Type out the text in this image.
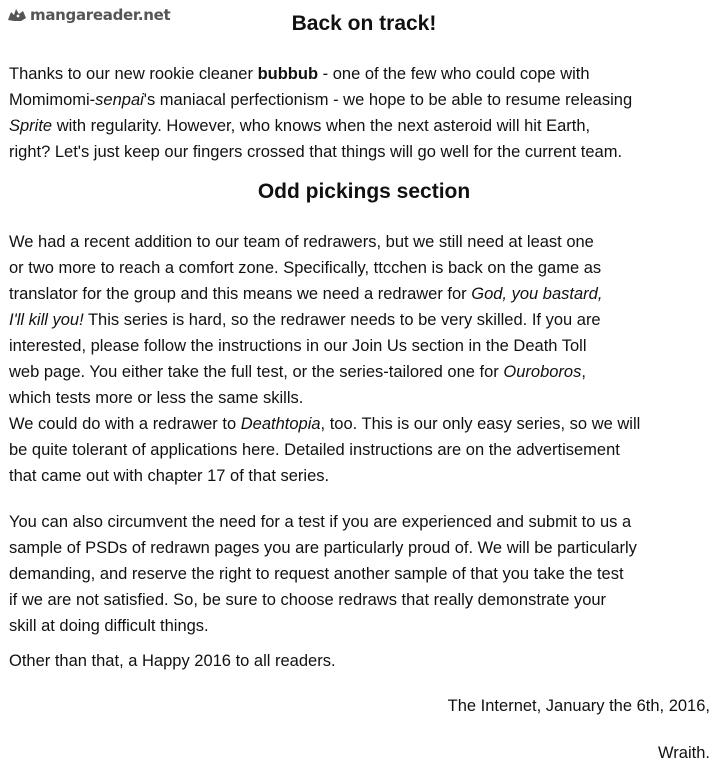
mangareader.net	Back on track!
Thanks to our new rookie cleaner bubbub - one of the few who could cope with
Momimomi-senpai's maniacal perfectionism - we hope to be able to resume releasing
Sprite with regularity. However, who knows when the next asteroid will hit Earth,
right? Let's just keep our fingers crossed that things will go well for the current team.
Odd pickings section
We had a recent addition to our team of redrawers, but we still need at least one
or two more to reach a comfort zone. Specifically, ttcchen is back on the game as
translator for the group and this means we need a redrawer for God, you bastard,
I'll kill you! This series is hard, so the redrawer needs to be very skilled. If you are
interested, please follow the instructions in our Join Us section in the Death Toll
web page. You either take the full test, or the series-tailored one for Ouroboros,
which tests more or less the same skills.
We could do with a redrawer to Deathtopia, too. This is our only easy series, so we will
be quite tolerant of applications here. Detailed instructions are on the advertisement
that came out with chapter 17 of that series.
You can also circumvent the need for a test if you are experienced and submit to us a
sample of PSDs of redrawn pages you are particularly proud of. We will be particularly
demanding, and reserve the right to request another sample of that you take the test
if we are not satisfied. So, be sure to choose redraws that really demonstrate your
skill at doing difficult things.
Other than that, a Happy 2016 to all readers.
The Internet, January the 6th, 2016,
Wraith.
